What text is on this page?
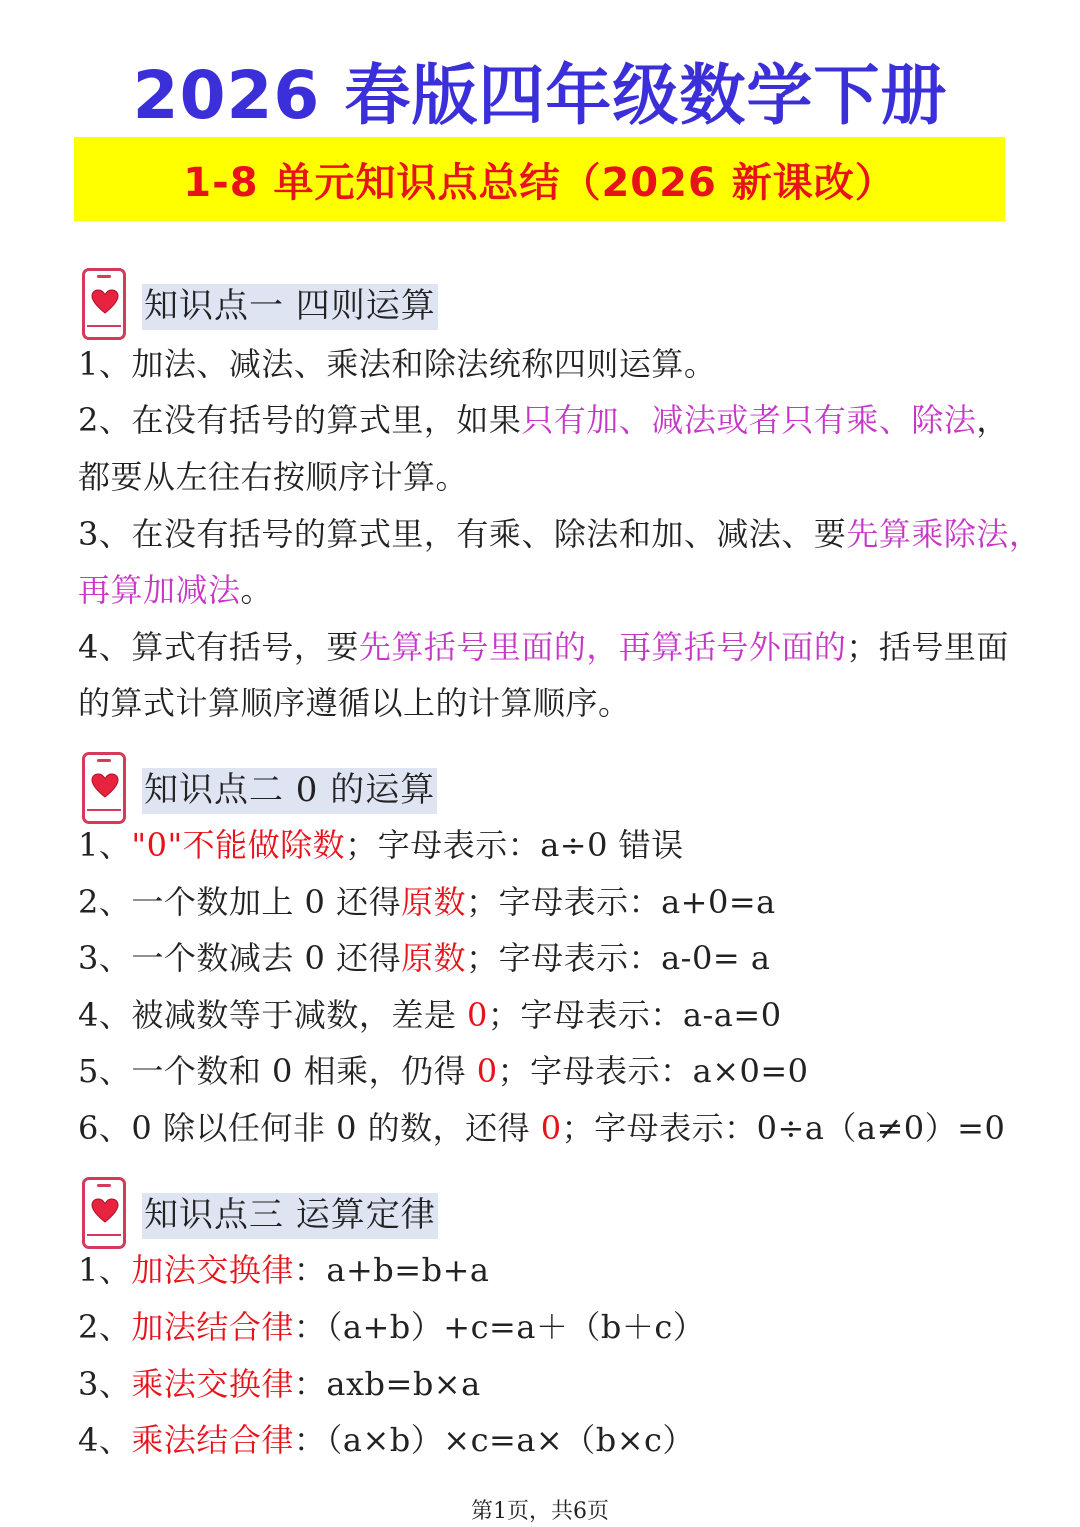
2026 春版四年级数学下册
1-8 单元知识点总结（2026 新课改）
知识点一 四则运算
1、加法、减法、乘法和除法统称四则运算。
2、在没有括号的算式里，如果只有加、减法或者只有乘、除法，
都要从左往右按顺序计算。
3、在没有括号的算式里，有乘、除法和加、减法、要先算乘除法，
再算加减法。
4、算式有括号，要先算括号里面的，再算括号外面的；括号里面
的算式计算顺序遵循以上的计算顺序。
知识点二 0 的运算
1、"0"不能做除数；字母表示：a÷0 错误
2、一个数加上 0 还得原数；字母表示：a+0=a
3、一个数减去 0 还得原数；字母表示：a-0= a
4、被减数等于减数，差是 0；字母表示：a-a=0
5、一个数和 0 相乘，仍得 0；字母表示：a×0=0
6、0 除以任何非 0 的数，还得 0；字母表示：0÷a（a≠0）=0
知识点三 运算定律
1、加法交换律：a+b=b+a
2、加法结合律：（a+b）+c=a＋（b＋c）
3、乘法交换律：axb=b×a
4、乘法结合律：（a×b）×c=a×（b×c）
第1页，共6页
